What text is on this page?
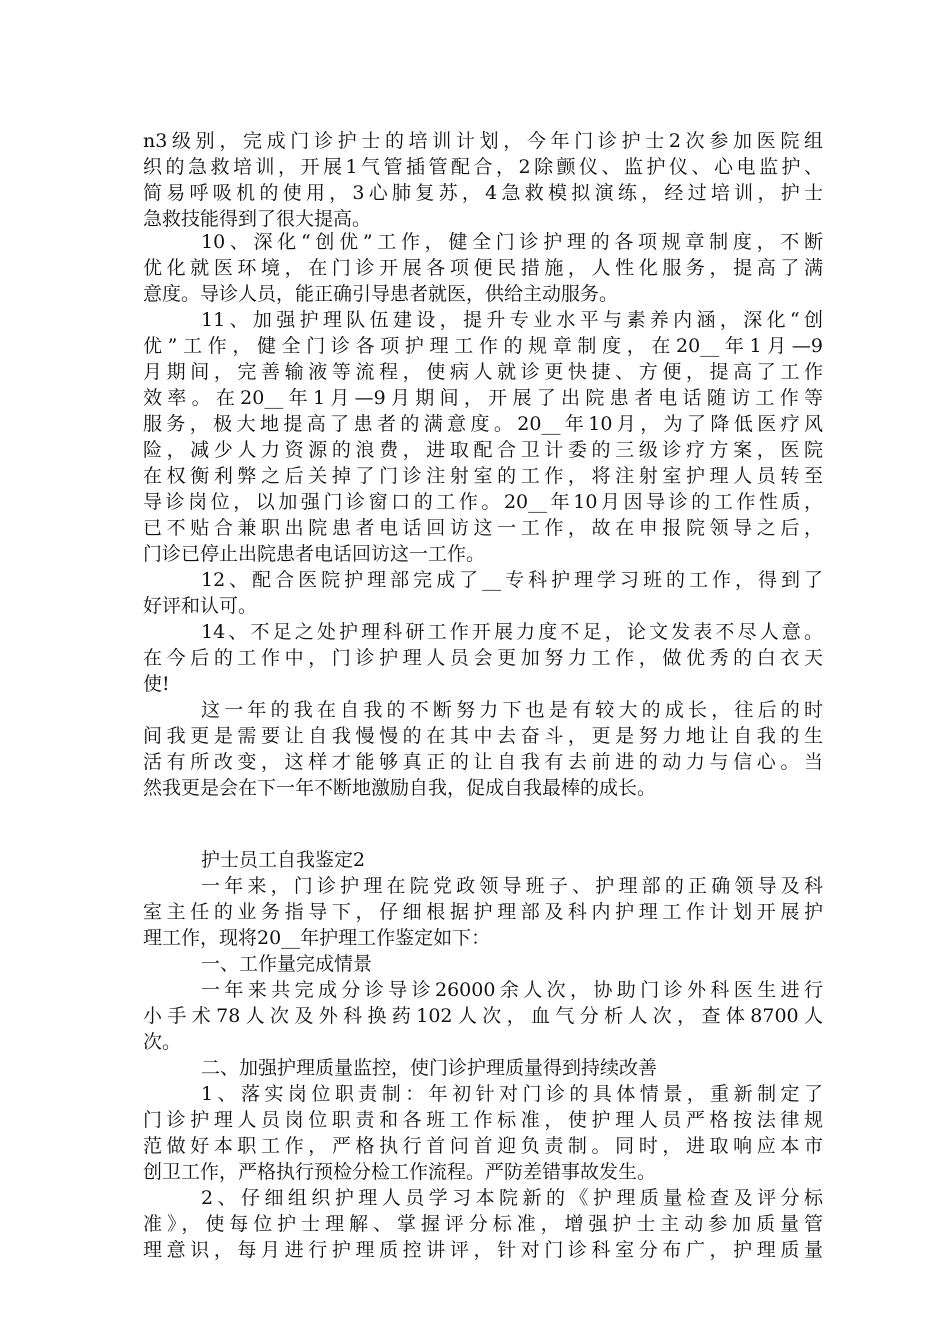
n3级别，完成门诊护士的培训计划，今年门诊护士2次参加医院组
织的急救培训，开展1气管插管配合，2除颤仪、监护仪、心电监护、
简易呼吸机的使用，3心肺复苏，4急救模拟演练，经过培训，护士
急救技能得到了很大提高。
10、深化“创优”工作，健全门诊护理的各项规章制度，不断
优化就医环境，在门诊开展各项便民措施，人性化服务，提高了满
意度。导诊人员，能正确引导患者就医，供给主动服务。
11、加强护理队伍建设，提升专业水平与素养内涵，深化“创
优”工作，健全门诊各项护理工作的规章制度，在20__年1月—9
月期间，完善输液等流程，使病人就诊更快捷、方便，提高了工作
效率。在20__年1月—9月期间，开展了出院患者电话随访工作等
服务，极大地提高了患者的满意度。20__年10月，为了降低医疗风
险，减少人力资源的浪费，进取配合卫计委的三级诊疗方案，医院
在权衡利弊之后关掉了门诊注射室的工作，将注射室护理人员转至
导诊岗位，以加强门诊窗口的工作。20__年10月因导诊的工作性质，
已不贴合兼职出院患者电话回访这一工作，故在申报院领导之后，
门诊已停止出院患者电话回访这一工作。
12、配合医院护理部完成了__专科护理学习班的工作，得到了
好评和认可。
14、不足之处护理科研工作开展力度不足，论文发表不尽人意。
在今后的工作中，门诊护理人员会更加努力工作，做优秀的白衣天
使!
这一年的我在自我的不断努力下也是有较大的成长，往后的时
间我更是需要让自我慢慢的在其中去奋斗，更是努力地让自我的生
活有所改变，这样才能够真正的让自我有去前进的动力与信心。当
然我更是会在下一年不断地激励自我，促成自我最棒的成长。
护士员工自我鉴定2
一年来，门诊护理在院党政领导班子、护理部的正确领导及科
室主任的业务指导下，仔细根据护理部及科内护理工作计划开展护
理工作，现将20__年护理工作鉴定如下：
一、工作量完成情景
一年来共完成分诊导诊26000余人次，协助门诊外科医生进行
小手术78人次及外科换药102人次，血气分析人次，查体8700人
次。
二、加强护理质量监控，使门诊护理质量得到持续改善
1、落实岗位职责制：年初针对门诊的具体情景，重新制定了
门诊护理人员岗位职责和各班工作标准，使护理人员严格按法律规
范做好本职工作，严格执行首问首迎负责制。同时，进取响应本市
创卫工作，严格执行预检分检工作流程。严防差错事故发生。
2、仔细组织护理人员学习本院新的《护理质量检查及评分标
准》，使每位护士理解、掌握评分标准，增强护士主动参加质量管
理意识，每月进行护理质控讲评，针对门诊科室分布广，护理质量
